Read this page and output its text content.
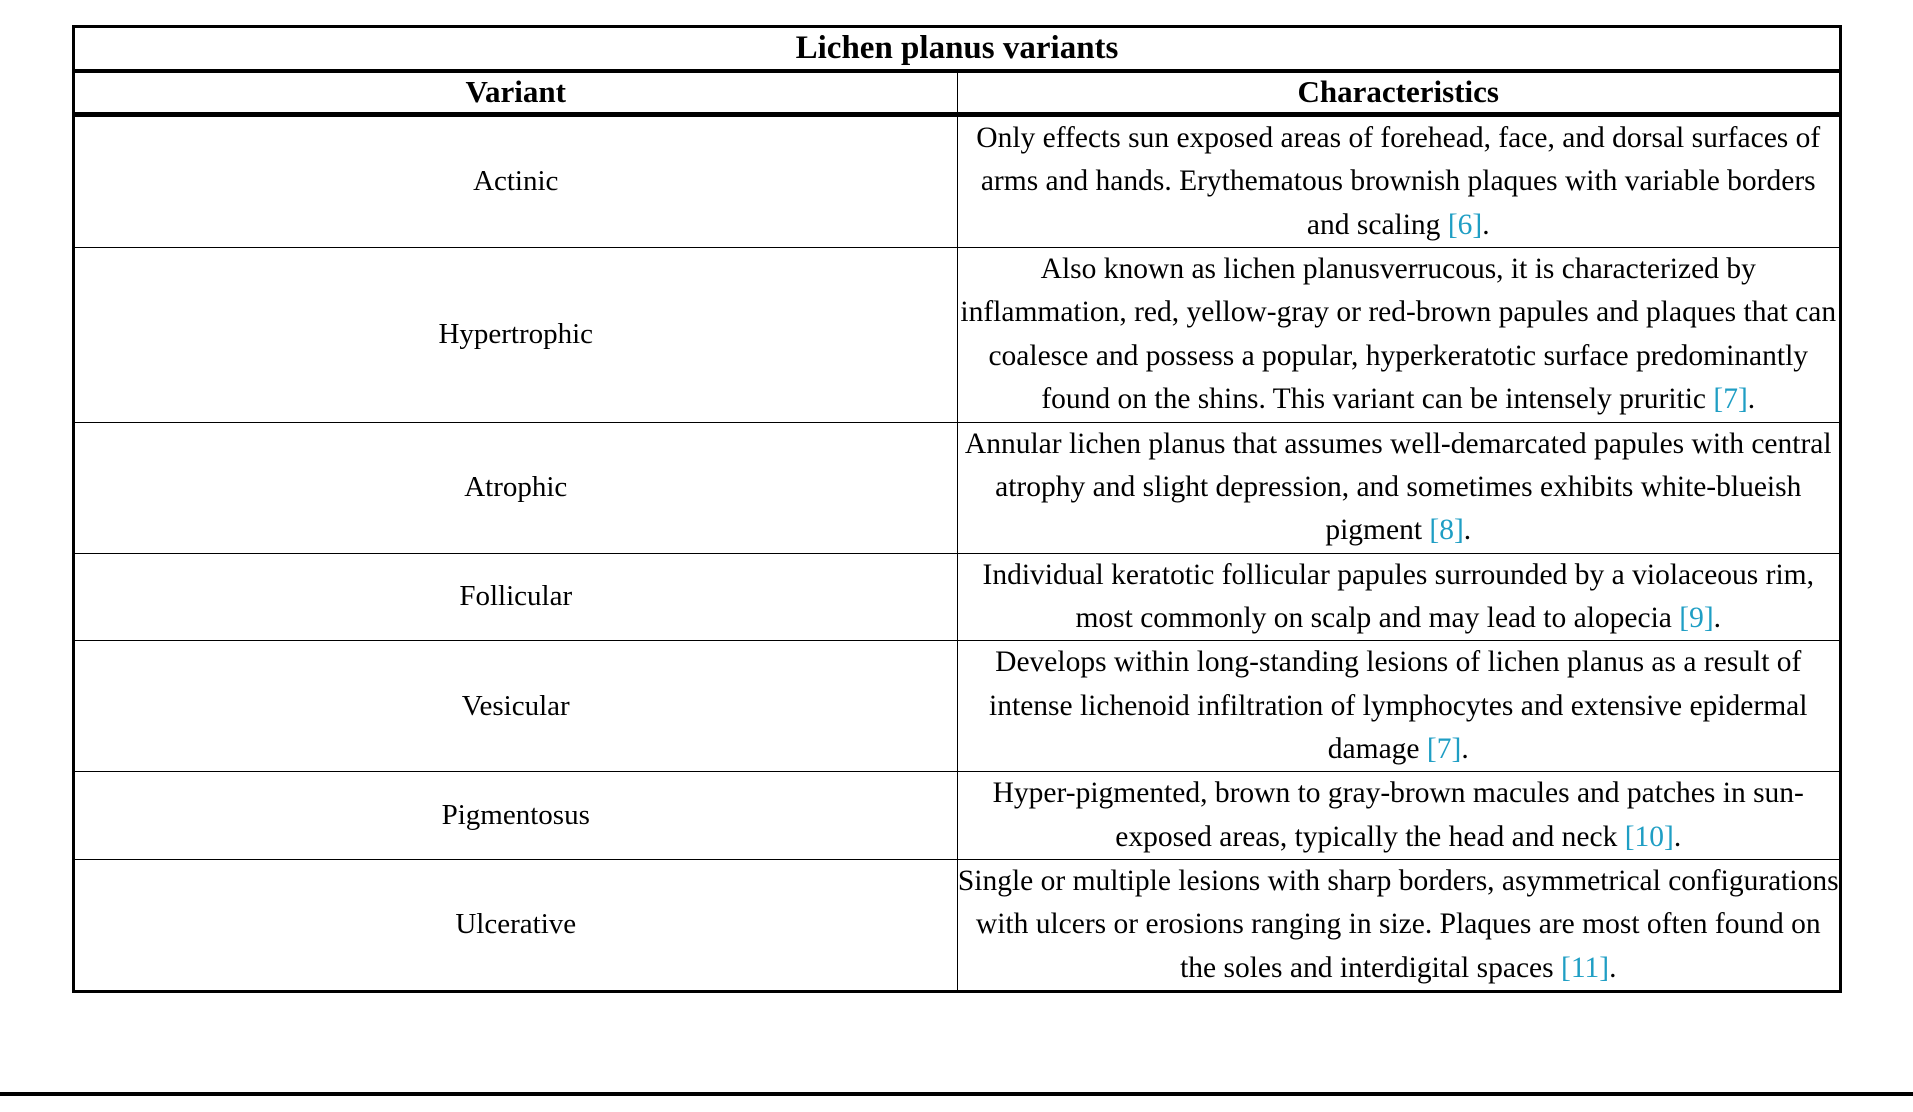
Lichen planus variants	
Variant	Characteristics
Actinic	Only effects sun exposed areas of forehead, face, and dorsal surfaces of arms and hands. Erythematous brownish plaques with variable borders and scaling [6].
Hypertrophic	Also known as lichen planusverrucous, it is characterized by inflammation, red, yellow-gray or red-brown papules and plaques that can coalesce and possess a popular, hyperkeratotic surface predominantly found on the shins. This variant can be intensely pruritic [7].
Atrophic	Annular lichen planus that assumes well-demarcated papules with central atrophy and slight depression, and sometimes exhibits white-blueish pigment [8].
Follicular	Individual keratotic follicular papules surrounded by a violaceous rim, most commonly on scalp and may lead to alopecia [9].
Vesicular	Develops within long-standing lesions of lichen planus as a result of intense lichenoid infiltration of lymphocytes and extensive epidermal damage [7].
Pigmentosus	Hyper-pigmented, brown to gray-brown macules and patches in sun-exposed areas, typically the head and neck [10].
Ulcerative	Single or multiple lesions with sharp borders, asymmetrical configurations with ulcers or erosions ranging in size. Plaques are most often found on the soles and interdigital spaces [11].
